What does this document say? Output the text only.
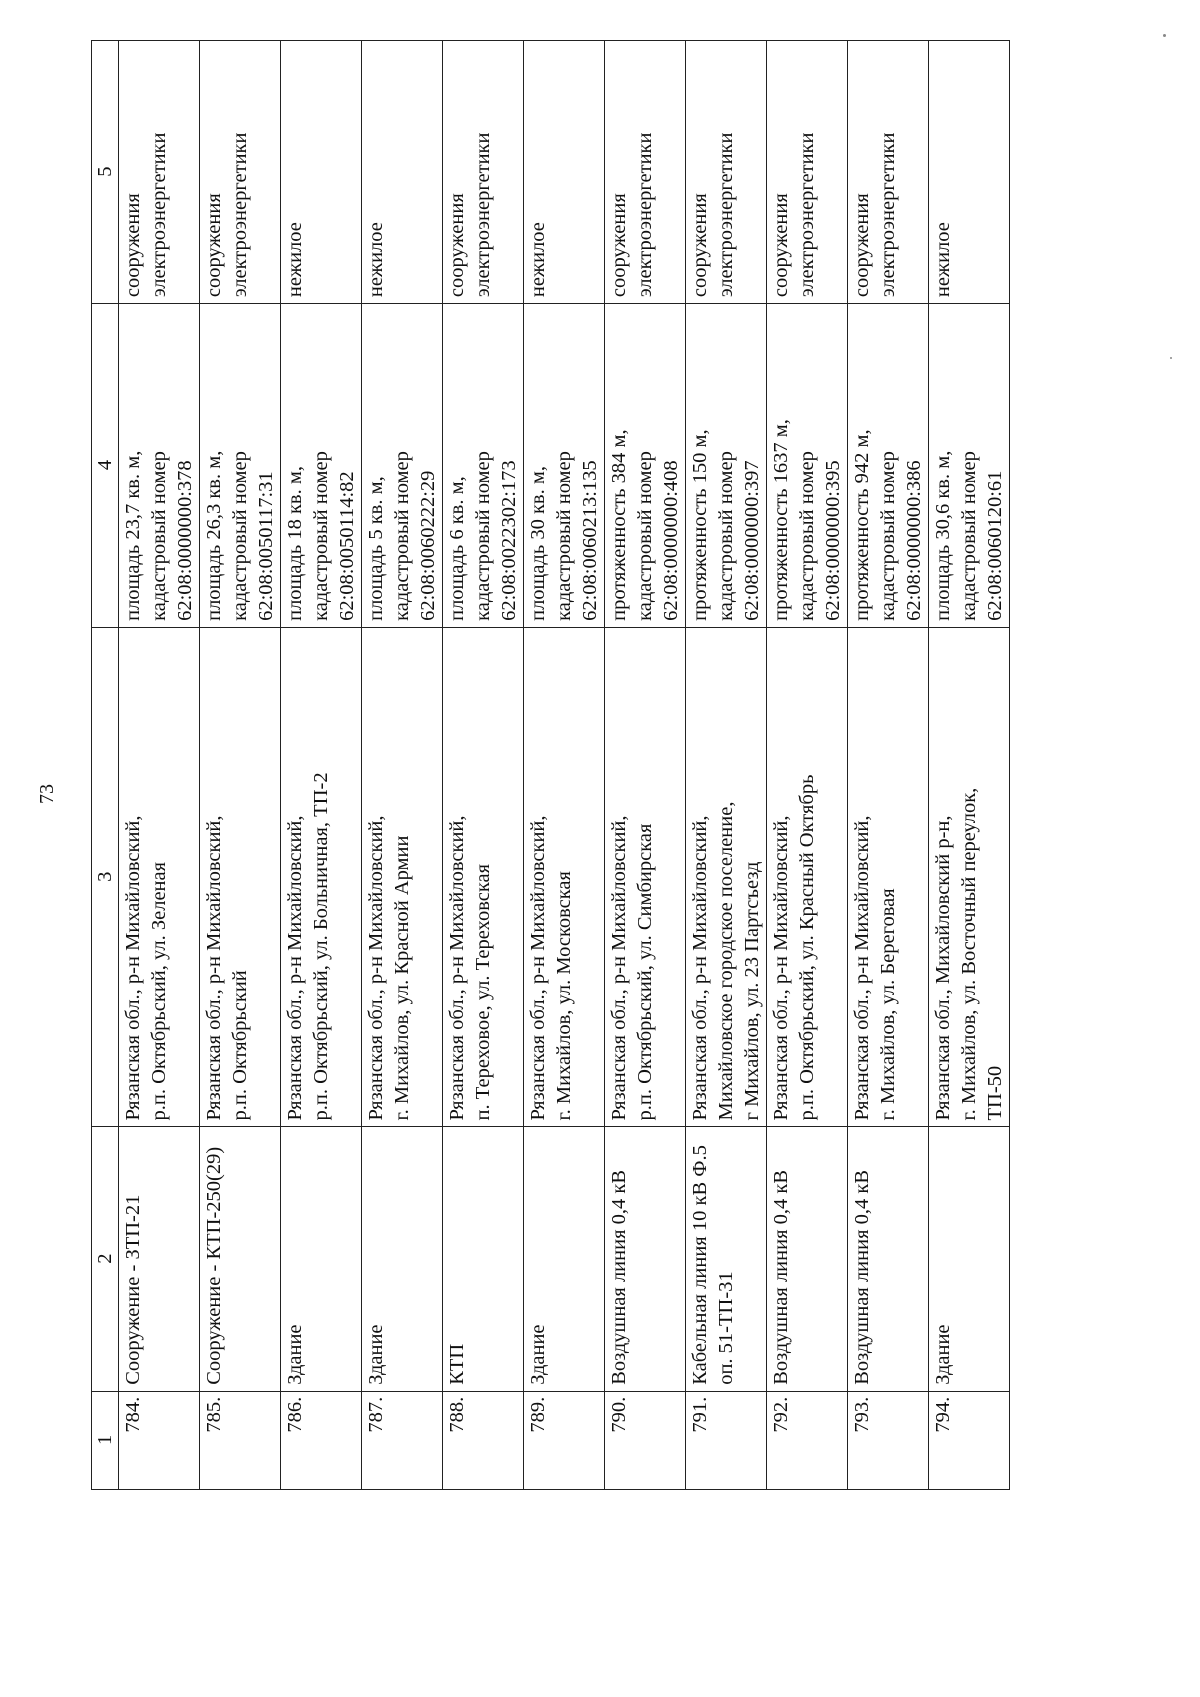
73
1	2	3	4	5
784.	Сооружение - ЗТП-21	Рязанская обл., р-н Михайловский, р.п. Октябрьский, ул. Зеленая	площадь 23,7 кв. м, кадастровый номер 62:08:0000000:378	сооружения электроэнергетики

785.	Сооружение - КТП-250(29)	Рязанская обл., р-н Михайловский, р.п. Октябрьский	площадь 26,3 кв. м, кадастровый номер 62:08:0050117:31	сооружения электроэнергетики

786.	Здание	Рязанская обл., р-н Михайловский, р.п. Октябрьский, ул. Больничная, ТП-2	площадь 18 кв. м, кадастровый номер 62:08:0050114:82	нежилое

787.	Здание	Рязанская обл., р-н Михайловский, г. Михайлов, ул. Красной Армии	площадь 5 кв. м, кадастровый номер 62:08:0060222:29	нежилое

788.	КТП	Рязанская обл., р-н Михайловский, п. Тереховое, ул. Тереховская	площадь 6 кв. м, кадастровый номер 62:08:0022302:173	сооружения электроэнергетики

789.	Здание	Рязанская обл., р-н Михайловский, г. Михайлов, ул. Московская	площадь 30 кв. м, кадастровый номер 62:08:0060213:135	нежилое

790.	Воздушная линия 0,4 кВ	Рязанская обл., р-н Михайловский, р.п. Октябрьский, ул. Симбирская	протяженность 384 м, кадастровый номер 62:08:0000000:408	сооружения электроэнергетики

791.	Кабельная линия 10 кВ Ф.5 оп. 51-ТП-31	Рязанская обл., р-н Михайловский, Михайловское городское поселение, г Михайлов, ул. 23 Партсъезд	протяженность 150 м, кадастровый номер 62:08:0000000:397	сооружения электроэнергетики

792.	Воздушная линия 0,4 кВ	Рязанская обл., р-н Михайловский, р.п. Октябрьский, ул. Красный Октябрь	протяженность 1637 м, кадастровый номер 62:08:0000000:395	сооружения электроэнергетики

793.	Воздушная линия 0,4 кВ	Рязанская обл., р-н Михайловский, г. Михайлов, ул. Береговая	протяженность 942 м, кадастровый номер 62:08:0000000:386	сооружения электроэнергетики

794.	Здание	Рязанская обл., Михайловский р-н, г. Михайлов, ул. Восточный переулок, ТП-50	площадь 30,6 кв. м, кадастровый номер 62:08:0060120:61	нежилое
